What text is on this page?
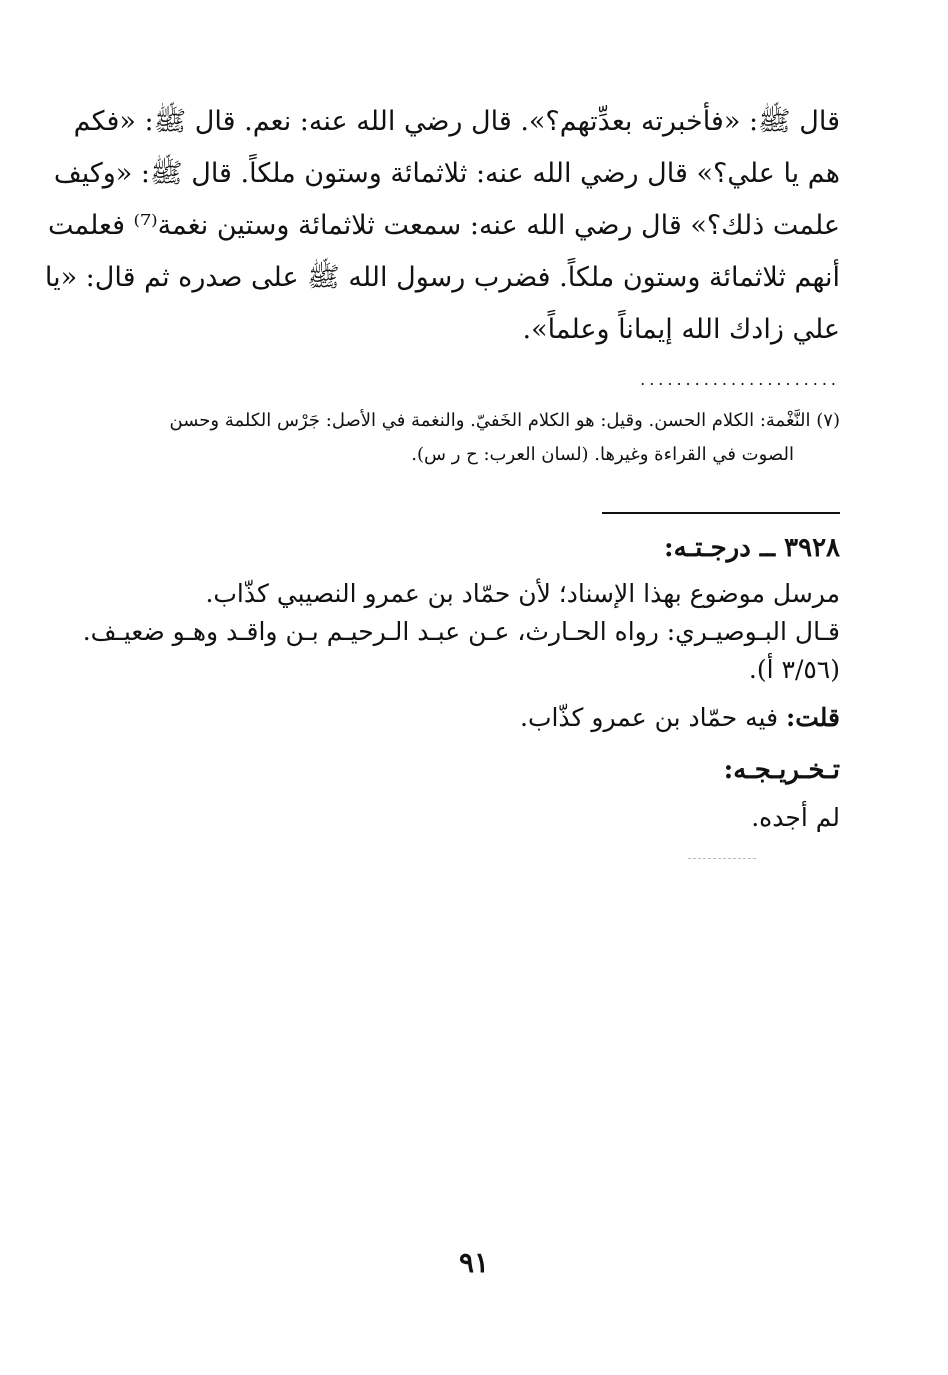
قال ﷺ: «فأخبرته بعدِّتهم؟». قال رضي الله عنه: نعم. قال ﷺ: «فكم
هم يا علي؟» قال رضي الله عنه: ثلاثمائة وستون ملكاً. قال ﷺ: «وكيف
علمت ذلك؟» قال رضي الله عنه: سمعت ثلاثمائة وستين نغمة⁽⁷⁾ فعلمت
أنهم ثلاثمائة وستون ملكاً. فضرب رسول الله ﷺ على صدره ثم قال: «يا
علي زادك الله إيماناً وعلماً».
......................
(٧) النَّغْمة: الكلام الحسن. وقيل: هو الكلام الخَفيّ. والنغمة في الأصل: جَرْس الكلمة وحسن
الصوت في القراءة وغيرها. (لسان العرب: ح ر س).
٣٩٢٨ ــ درجـتـه:
مرسل موضوع بهذا الإسناد؛ لأن حمّاد بن عمرو النصيبي كذّاب.
قـال البـوصيـري: رواه الحـارث، عـن عبـد الـرحيـم بـن واقـد وهـو ضعيـف.
(٣/٥٦ أ).
قلت: فيه حمّاد بن عمرو كذّاب.
تـخـريـجـه:
لم أجده.
٩١
